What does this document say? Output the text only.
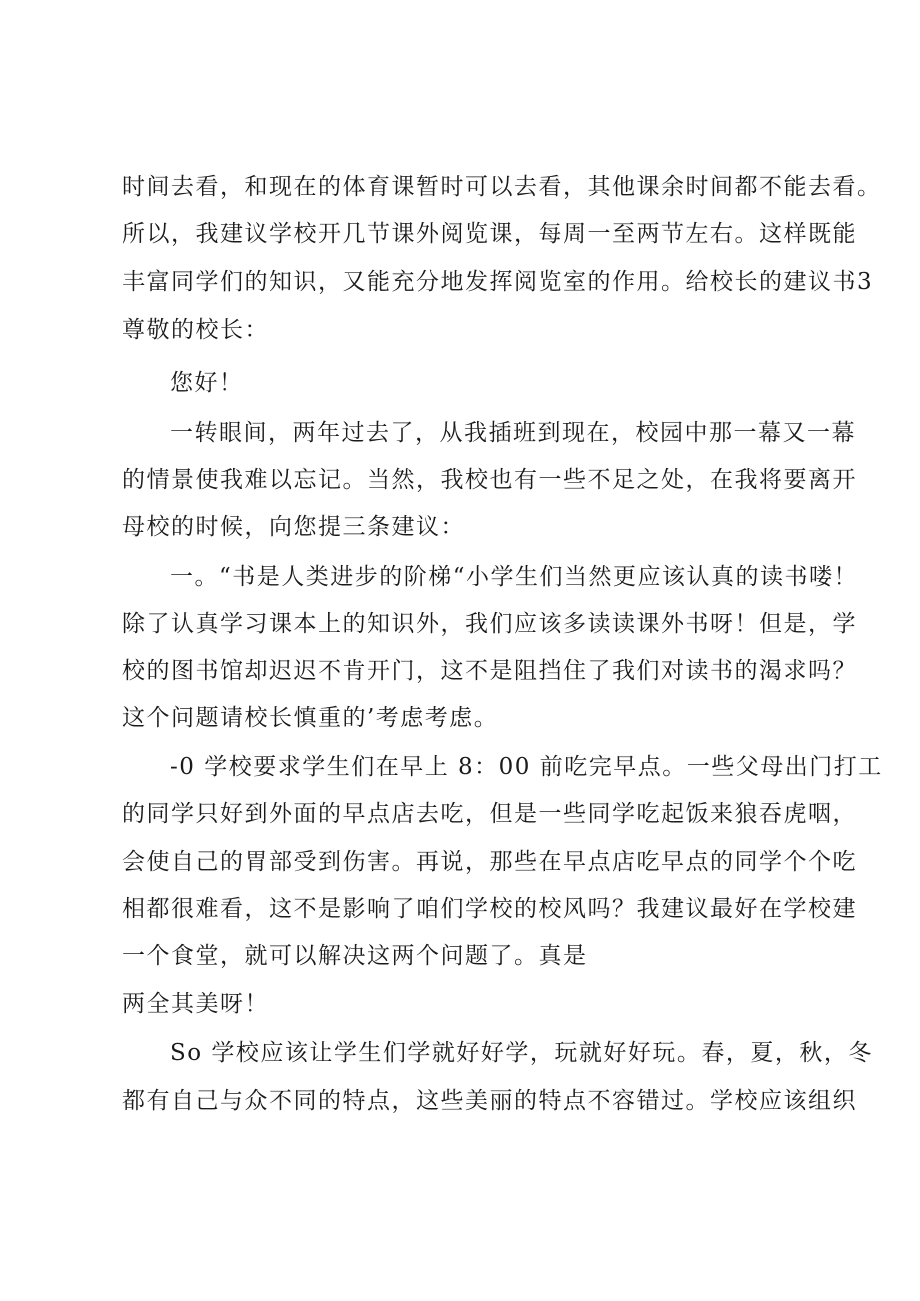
时间去看，和现在的体育课暂时可以去看，其他课余时间都不能去看。

所以，我建议学校开几节课外阅览课，每周一至两节左右。这样既能

丰富同学们的知识，又能充分地发挥阅览室的作用。给校长的建议书3

尊敬的校长：

您好！

一转眼间，两年过去了，从我插班到现在，校园中那一幕又一幕

的情景使我难以忘记。当然，我校也有一些不足之处，在我将要离开

母校的时候，向您提三条建议：

一。“书是人类进步的阶梯“小学生们当然更应该认真的读书喽！

除了认真学习课本上的知识外，我们应该多读读课外书呀！但是，学

校的图书馆却迟迟不肯开门，这不是阻挡住了我们对读书的渴求吗？

这个问题请校长慎重的’考虑考虑。

-0 学校要求学生们在早上 8：00 前吃完早点。一些父母出门打工

的同学只好到外面的早点店去吃，但是一些同学吃起饭来狼吞虎咽，

会使自己的胃部受到伤害。再说，那些在早点店吃早点的同学个个吃

相都很难看，这不是影响了咱们学校的校风吗？我建议最好在学校建

一个食堂，就可以解决这两个问题了。真是

两全其美呀！

So 学校应该让学生们学就好好学，玩就好好玩。春，夏，秋，冬

都有自己与众不同的特点，这些美丽的特点不容错过。学校应该组织
